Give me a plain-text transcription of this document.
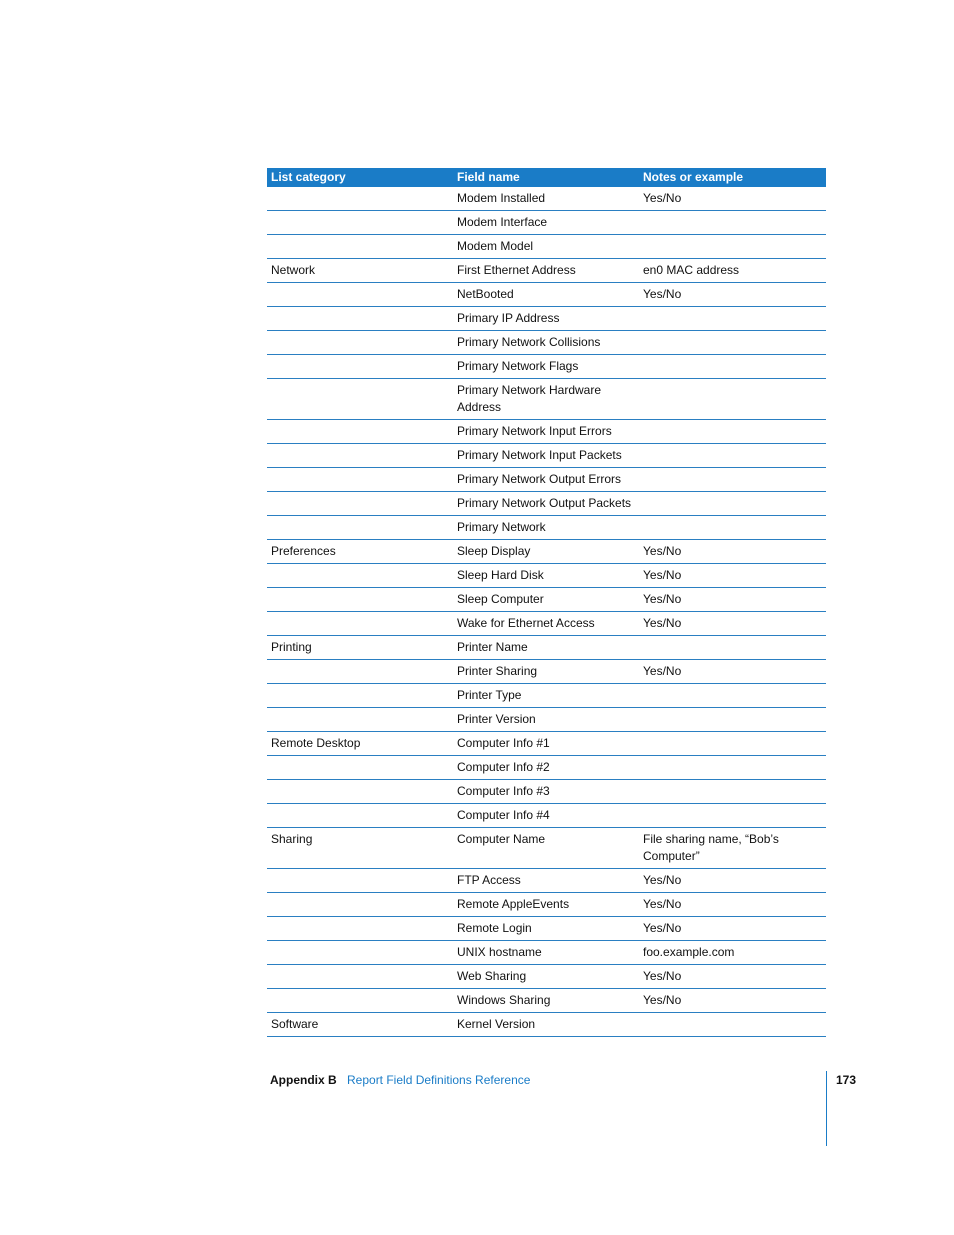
List category	Field name	Notes or example
	Modem Installed	Yes/No
	Modem Interface	
	Modem Model	
Network	First Ethernet Address	en0 MAC address
	NetBooted	Yes/No
	Primary IP Address	
	Primary Network Collisions	
	Primary Network Flags	
	Primary Network Hardware Address	
	Primary Network Input Errors	
	Primary Network Input Packets	
	Primary Network Output Errors	
	Primary Network Output Packets	
	Primary Network	
Preferences	Sleep Display	Yes/No
	Sleep Hard Disk	Yes/No
	Sleep Computer	Yes/No
	Wake for Ethernet Access	Yes/No
Printing	Printer Name	
	Printer Sharing	Yes/No
	Printer Type	
	Printer Version	
Remote Desktop	Computer Info #1	
	Computer Info #2	
	Computer Info #3	
	Computer Info #4	
Sharing	Computer Name	File sharing name, “Bob’s Computer”
	FTP Access	Yes/No
	Remote AppleEvents	Yes/No
	Remote Login	Yes/No
	UNIX hostname	foo.example.com
	Web Sharing	Yes/No
	Windows Sharing	Yes/No
Software	Kernel Version	
Appendix B Report Field Definitions Reference	173
